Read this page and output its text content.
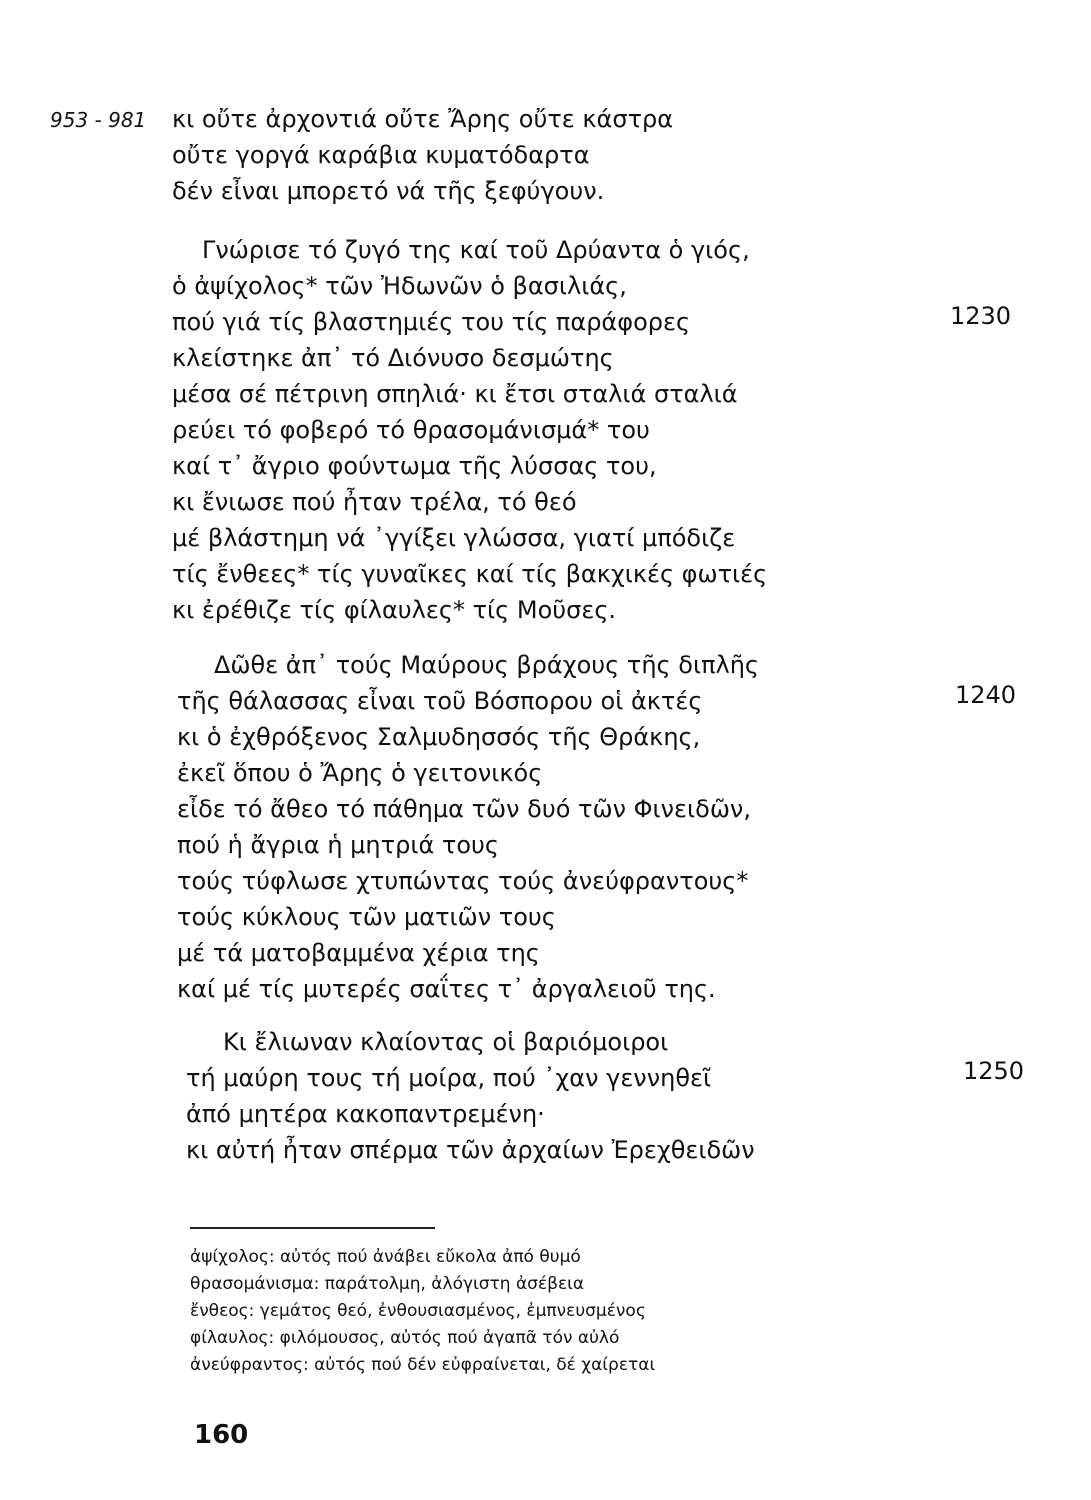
953 - 981 κι οὔτε ἀρχοντιά οὔτε Ἄρης οὔτε κάστρα
οὔτε γοργά καράβια κυματόδαρτα
δέν εἶναι μπορετό νά τῆς ξεφύγουν.
Γνώρισε τό ζυγό της καί τοῦ Δρύαντα ὁ γιός,
ὁ ἀψίχολος* τῶν Ἠδωνῶν ὁ βασιλιάς,
πού γιά τίς βλαστημιές του τίς παράφορες
κλείστηκε ἀπ᾽ τό Διόνυσο δεσμώτης
μέσα σέ πέτρινη σπηλιά· κι ἔτσι σταλιά σταλιά
ρεύει τό φοβερό τό θρασομάνισμά* του
καί τ᾽ ἄγριο φούντωμα τῆς λύσσας του,
κι ἔνιωσε πού ἦταν τρέλα, τό θεό
μέ βλάστημη νά ᾽γγίξει γλώσσα, γιατί μπόδιζε
τίς ἔνθεες* τίς γυναῖκες καί τίς βακχικές φωτιές
κι ἐρέθιζε τίς φίλαυλες* τίς Μοῦσες.
Δῶθε ἀπ᾽ τούς Μαύρους βράχους τῆς διπλῆς
τῆς θάλασσας εἶναι τοῦ Βόσπορου οἱ ἀκτές
κι ὁ ἐχθρόξενος Σαλμυδησσός τῆς Θράκης,
ἐκεῖ ὅπου ὁ Ἄρης ὁ γειτονικός
εἶδε τό ἄθεο τό πάθημα τῶν δυό τῶν Φινειδῶν,
πού ἡ ἄγρια ἡ μητριά τους
τούς τύφλωσε χτυπώντας τούς ἀνεύφραντους*
τούς κύκλους τῶν ματιῶν τους
μέ τά ματοβαμμένα χέρια της
καί μέ τίς μυτερές σαΐτες τ᾽ ἀργαλειοῦ της.
Κι ἔλιωναν κλαίοντας οἱ βαριόμοιροι
τή μαύρη τους τή μοίρα, πού ᾽χαν γεννηθεῖ
ἀπό μητέρα κακοπαντρεμένη·
κι αὐτή ἦταν σπέρμα τῶν ἀρχαίων Ἐρεχθειδῶν
1230
1240
1250
ἀψίχολος: αὐτός πού ἀνάβει εὔκολα ἀπό θυμό
θρασομάνισμα: παράτολμη, ἀλόγιστη ἀσέβεια
ἔνθεος: γεμάτος θεό, ἐνθουσιασμένος, ἐμπνευσμένος
φίλαυλος: φιλόμουσος, αὐτός πού ἀγαπᾶ τόν αὐλό
ἀνεύφραντος: αὐτός πού δέν εὐφραίνεται, δέ χαίρεται
160
